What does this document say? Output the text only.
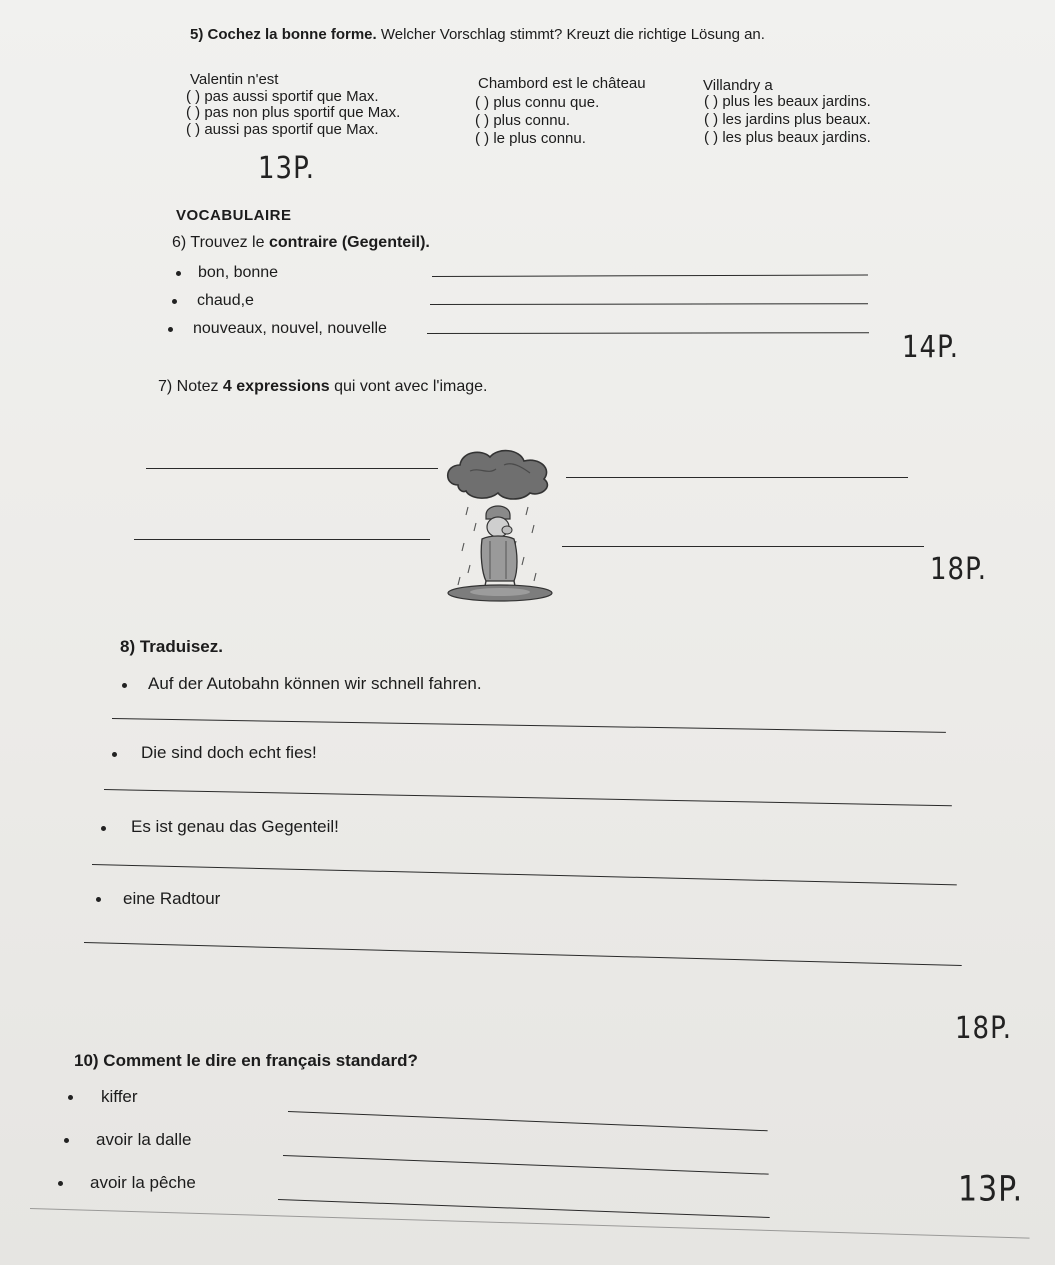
5) Cochez la bonne forme. Welcher Vorschlag stimmt? Kreuzt die richtige Lösung an.
Valentin n'est
( ) pas aussi sportif que Max.
( ) pas non plus sportif que Max.
( ) aussi pas sportif que Max.
Chambord est le château
( ) plus connu que.
( ) plus connu.
( ) le plus connu.
Villandry a
( ) plus les beaux jardins.
( ) les jardins plus beaux.
( ) les plus beaux jardins.
13P.
VOCABULAIRE
6) Trouvez le contraire (Gegenteil).
bon, bonne
chaud,e
nouveaux, nouvel, nouvelle
14P.
7) Notez 4 expressions qui vont avec l'image.
18P.
8) Traduisez.
Auf der Autobahn können wir schnell fahren.
Die sind doch echt fies!
Es ist genau das Gegenteil!
eine Radtour
18P.
10) Comment le dire en français standard?
kiffer
avoir la dalle
avoir la pêche	13P.
